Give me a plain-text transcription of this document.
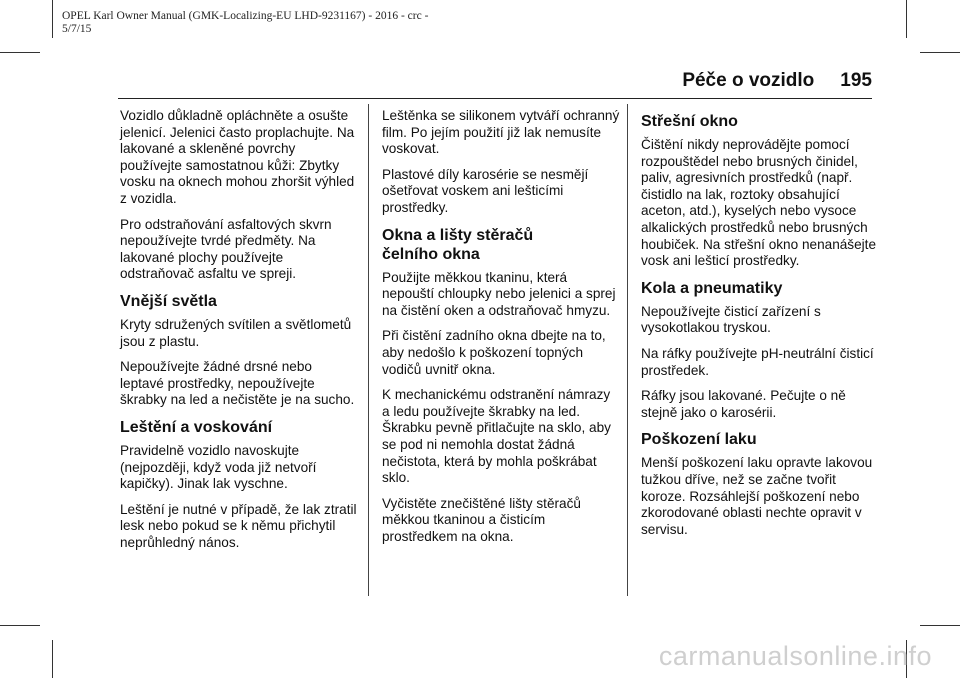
OPEL Karl Owner Manual (GMK-Localizing-EU LHD-9231167) - 2016 - crc -
5/7/15
Péče o vozidlo 195

Vozidlo důkladně opláchněte a osušte jelenicí. Jelenici často proplachujte. Na lakované a skleněné povrchy používejte samostatnou kůži: Zbytky vosku na oknech mohou zhoršit výhled z vozidla.

Pro odstraňování asfaltových skvrn nepoužívejte tvrdé předměty. Na lakované plochy používejte odstraňovač asfaltu ve spreji.

Vnější světla

Kryty sdružených svítilen a světlometů jsou z plastu.

Nepoužívejte žádné drsné nebo leptavé prostředky, nepoužívejte škrabky na led a nečistěte je na sucho.

Leštění a voskování

Pravidelně vozidlo navoskujte (nejpozději, když voda již netvoří kapičky). Jinak lak vyschne.

Leštění je nutné v případě, že lak ztratil lesk nebo pokud se k němu přichytil neprůhledný nános.

Leštěnka se silikonem vytváří ochranný film. Po jejím použití již lak nemusíte voskovat.

Plastové díly karosérie se nesmějí ošetřovat voskem ani lešticími prostředky.

Okna a lišty stěračů čelního okna

Použijte měkkou tkaninu, která nepouští chloupky nebo jelenici a sprej na čistění oken a odstraňovač hmyzu.

Při čistění zadního okna dbejte na to, aby nedošlo k poškození topných vodičů uvnitř okna.

K mechanickému odstranění námrazy a ledu používejte škrabky na led. Škrabku pevně přitlačujte na sklo, aby se pod ni nemohla dostat žádná nečistota, která by mohla poškrábat sklo.

Vyčistěte znečištěné lišty stěračů měkkou tkaninou a čisticím prostředkem na okna.

Střešní okno

Čištění nikdy neprovádějte pomocí rozpouštědel nebo brusných činidel, paliv, agresivních prostředků (např. čistidlo na lak, roztoky obsahující aceton, atd.), kyselých nebo vysoce alkalických prostředků nebo brusných houbiček. Na střešní okno nenanášejte vosk ani lešticí prostředky.

Kola a pneumatiky

Nepoužívejte čisticí zařízení s vysokotlakou tryskou.

Na ráfky používejte pH-neutrální čisticí prostředek.

Ráfky jsou lakované. Pečujte o ně stejně jako o karosérii.

Poškození laku

Menší poškození laku opravte lakovou tužkou dříve, než se začne tvořit koroze. Rozsáhlejší poškození nebo zkorodované oblasti nechte opravit v servisu.

carmanualsonline.info
